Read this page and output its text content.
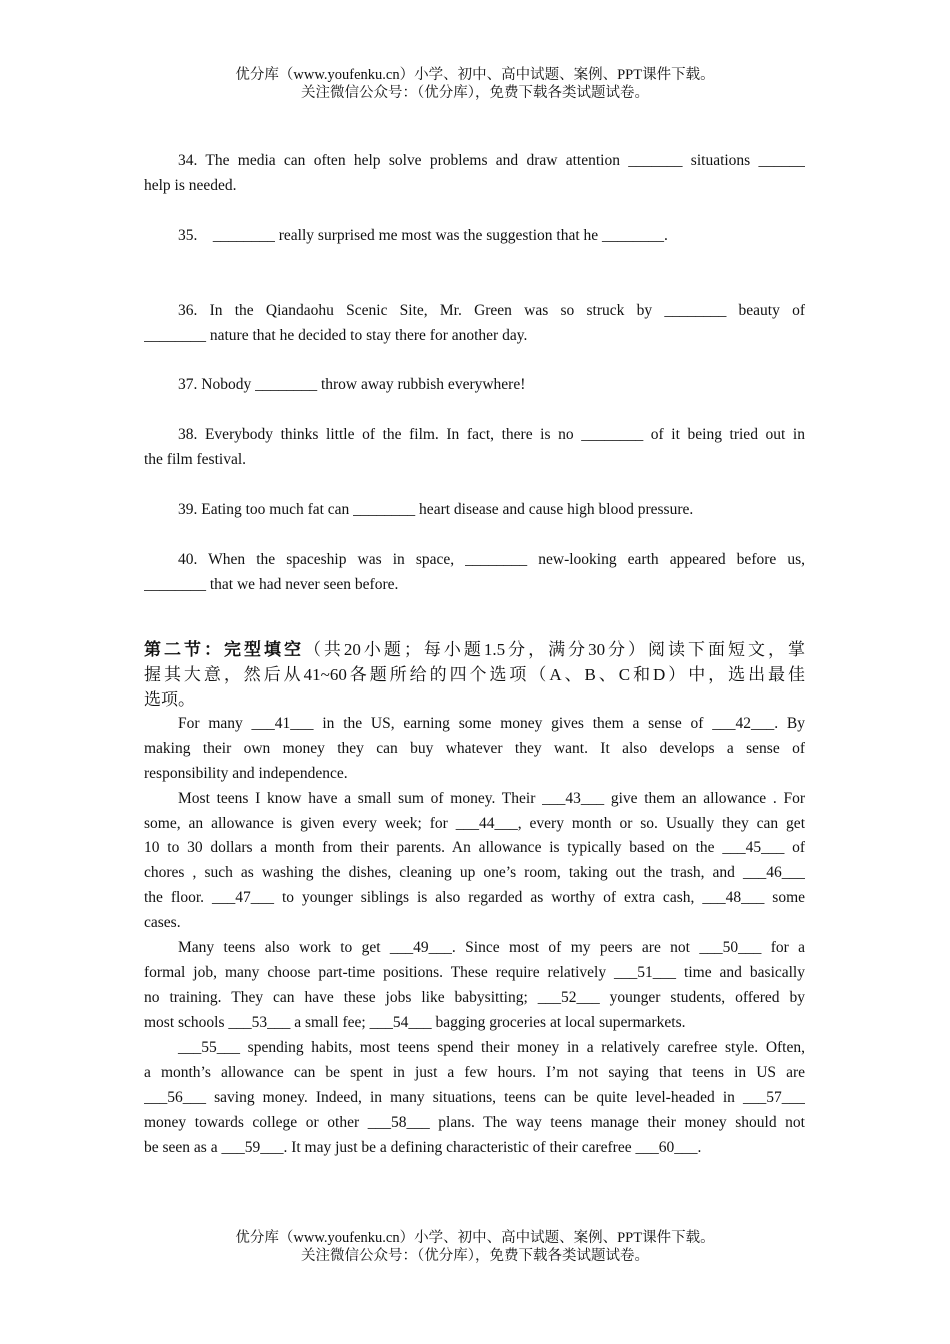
优分库（www.youfenku.cn）小学、初中、高中试题、案例、PPT课件下载。
关注微信公众号：（优分库），免费下载各类试题试卷。

34. The media can often help solve problems and draw attention _______ situations ______
help is needed.

35.    ________ really surprised me most was the suggestion that he ________.

36. In the Qiandaohu Scenic Site, Mr. Green was so struck by ________ beauty of
________ nature that he decided to stay there for another day.

37. Nobody ________ throw away rubbish everywhere!

38. Everybody thinks little of the film. In fact, there is no ________ of it being tried out in
the film festival.

39. Eating too much fat can ________ heart disease and cause high blood pressure.

40. When the spaceship was in space, ________ new-looking earth appeared before us,
________ that we had never seen before.

第二节：完型填空（共20小题；每小题1.5分，满分30分）阅读下面短文，掌
握其大意，然后从41~60各题所给的四个选项（A、B、C和D）中，选出最佳
选项。
For many ___41___ in the US, earning some money gives them a sense of ___42___. By
making their own money they can buy whatever they want. It also develops a sense of
responsibility and independence.
Most teens I know have a small sum of money. Their ___43___ give them an allowance . For
some, an allowance is given every week; for ___44___, every month or so. Usually they can get
10 to 30 dollars a month from their parents. An allowance is typically based on the ___45___ of
chores , such as washing the dishes, cleaning up one’s room, taking out the trash, and ___46___
the floor. ___47___ to younger siblings is also regarded as worthy of extra cash, ___48___ some
cases.
Many teens also work to get ___49___. Since most of my peers are not ___50___ for a
formal job, many choose part-time positions. These require relatively ___51___ time and basically
no training. They can have these jobs like babysitting; ___52___ younger students, offered by
most schools ___53___ a small fee; ___54___ bagging groceries at local supermarkets.
___55___ spending habits, most teens spend their money in a relatively carefree style. Often,
a month’s allowance can be spent in just a few hours. I’m not saying that teens in US are
___56___ saving money. Indeed, in many situations, teens can be quite level-headed in ___57___
money towards college or other ___58___ plans. The way teens manage their money should not
be seen as a ___59___. It may just be a defining characteristic of their carefree ___60___.

优分库（www.youfenku.cn）小学、初中、高中试题、案例、PPT课件下载。
关注微信公众号：（优分库），免费下载各类试题试卷。
